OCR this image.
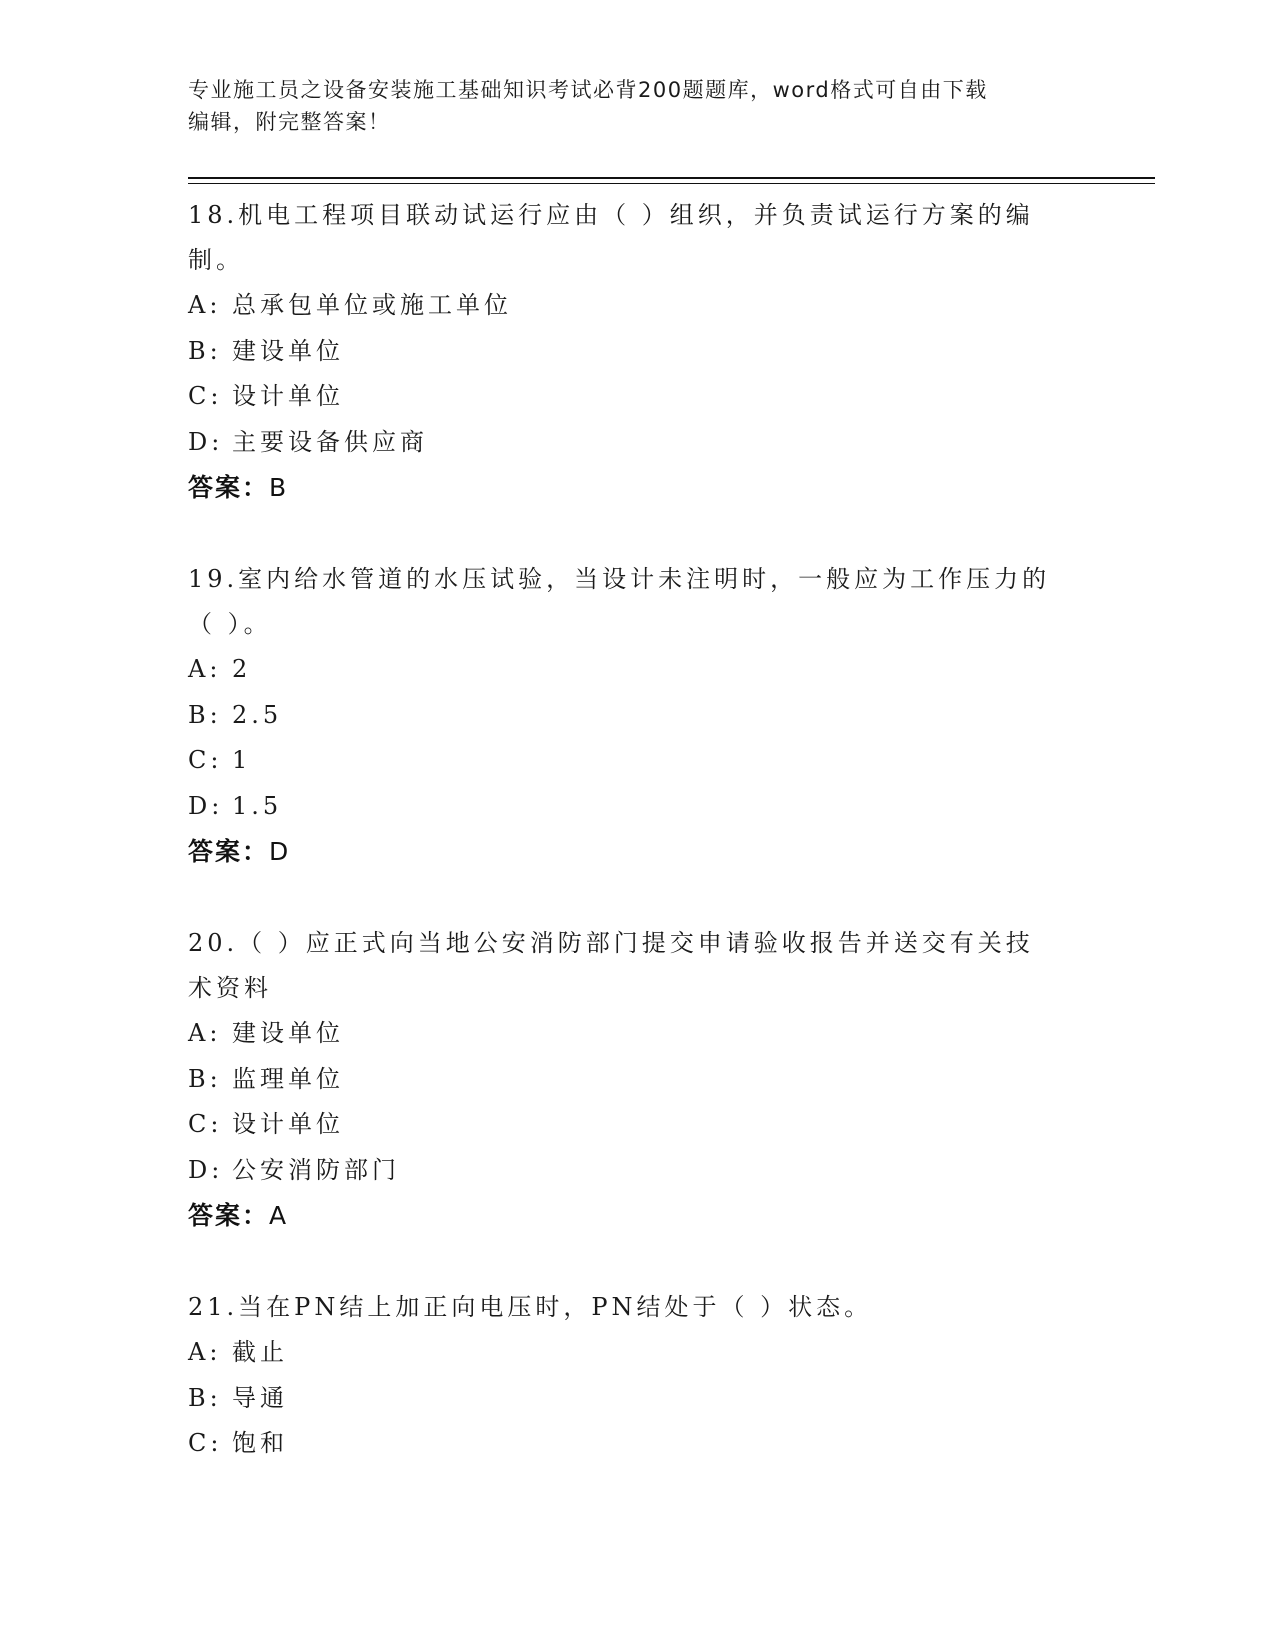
专业施工员之设备安装施工基础知识考试必背200题题库，word格式可自由下载
编辑，附完整答案！
18.机电工程项目联动试运行应由（ ）组织，并负责试运行方案的编
制。
A: 总承包单位或施工单位
B: 建设单位
C: 设计单位
D: 主要设备供应商
答案：B
19.室内给水管道的水压试验，当设计未注明时，一般应为工作压力的
（ ）。
A: 2
B: 2.5
C: 1
D: 1.5
答案：D
20.（ ）应正式向当地公安消防部门提交申请验收报告并送交有关技
术资料
A: 建设单位
B: 监理单位
C: 设计单位
D: 公安消防部门
答案：A
21.当在PN结上加正向电压时，PN结处于（ ）状态。
A: 截止
B: 导通
C: 饱和
